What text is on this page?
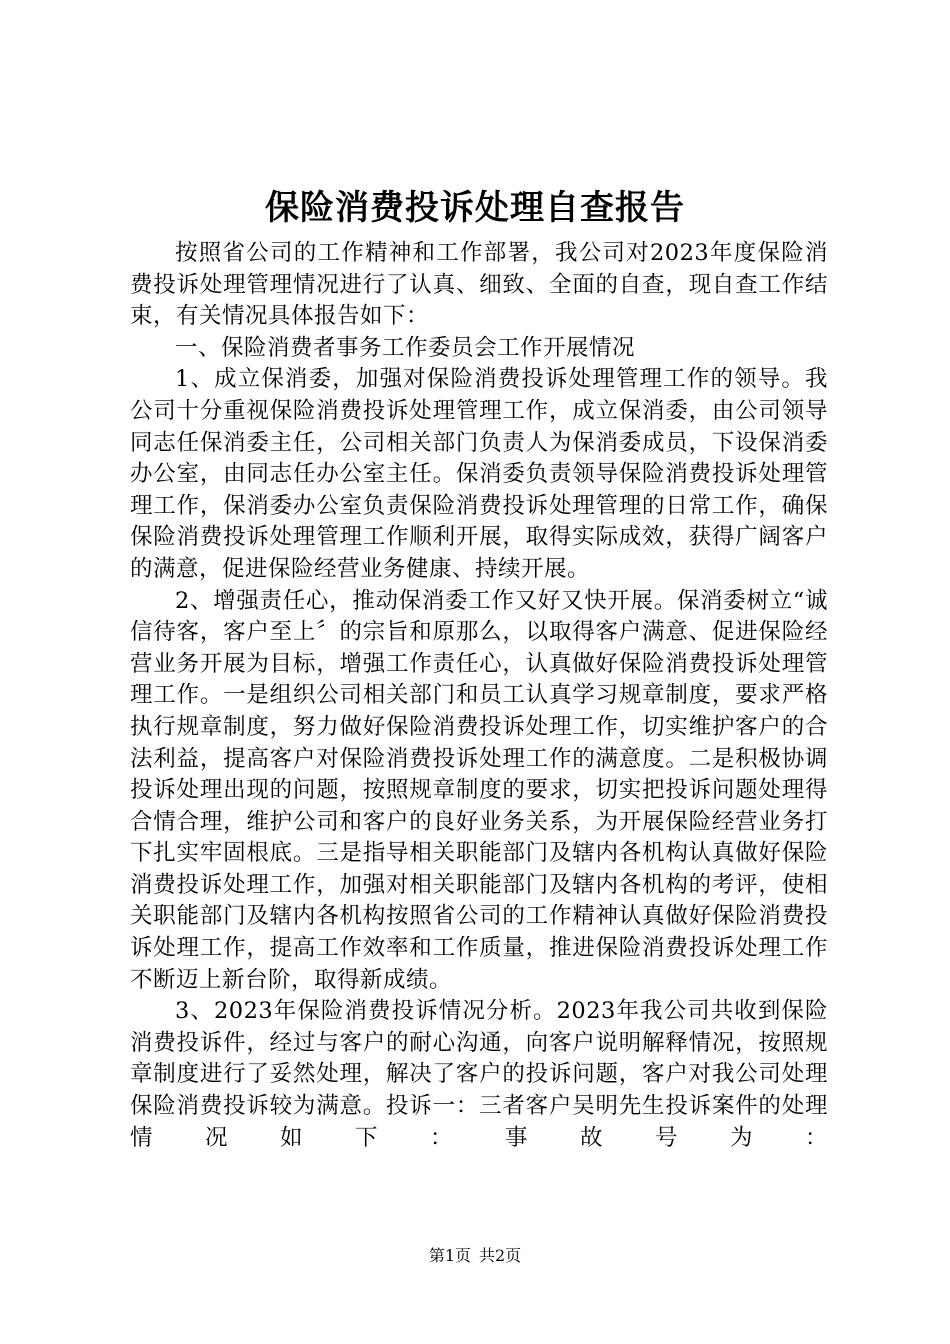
保险消费投诉处理自查报告

按照省公司的工作精神和工作部署，我公司对2023年度保险消费投诉处理管理情况进行了认真、细致、全面的自查，现自查工作结束，有关情况具体报告如下：

一、保险消费者事务工作委员会工作开展情况

1、成立保消委，加强对保险消费投诉处理管理工作的领导。我公司十分重视保险消费投诉处理管理工作，成立保消委，由公司领导同志任保消委主任，公司相关部门负责人为保消委成员，下设保消委办公室，由同志任办公室主任。保消委负责领导保险消费投诉处理管理工作，保消委办公室负责保险消费投诉处理管理的日常工作，确保保险消费投诉处理管理工作顺利开展，取得实际成效，获得广阔客户的满意，促进保险经营业务健康、持续开展。

2、增强责任心，推动保消委工作又好又快开展。保消委树立“诚信待客，客户至上〞的宗旨和原那么，以取得客户满意、促进保险经营业务开展为目标，增强工作责任心，认真做好保险消费投诉处理管理工作。一是组织公司相关部门和员工认真学习规章制度，要求严格执行规章制度，努力做好保险消费投诉处理工作，切实维护客户的合法利益，提高客户对保险消费投诉处理工作的满意度。二是积极协调投诉处理出现的问题，按照规章制度的要求，切实把投诉问题处理得合情合理，维护公司和客户的良好业务关系，为开展保险经营业务打下扎实牢固根底。三是指导相关职能部门及辖内各机构认真做好保险消费投诉处理工作，加强对相关职能部门及辖内各机构的考评，使相关职能部门及辖内各机构按照省公司的工作精神认真做好保险消费投诉处理工作，提高工作效率和工作质量，推进保险消费投诉处理工作不断迈上新台阶，取得新成绩。

3、2023年保险消费投诉情况分析。2023年我公司共收到保险消费投诉件，经过与客户的耐心沟通，向客户说明解释情况，按照规章制度进行了妥然处理，解决了客户的投诉问题，客户对我公司处理保险消费投诉较为满意。投诉一：三者客户吴明先生投诉案件的处理情况如下：事故号为：

第1页 共2页
